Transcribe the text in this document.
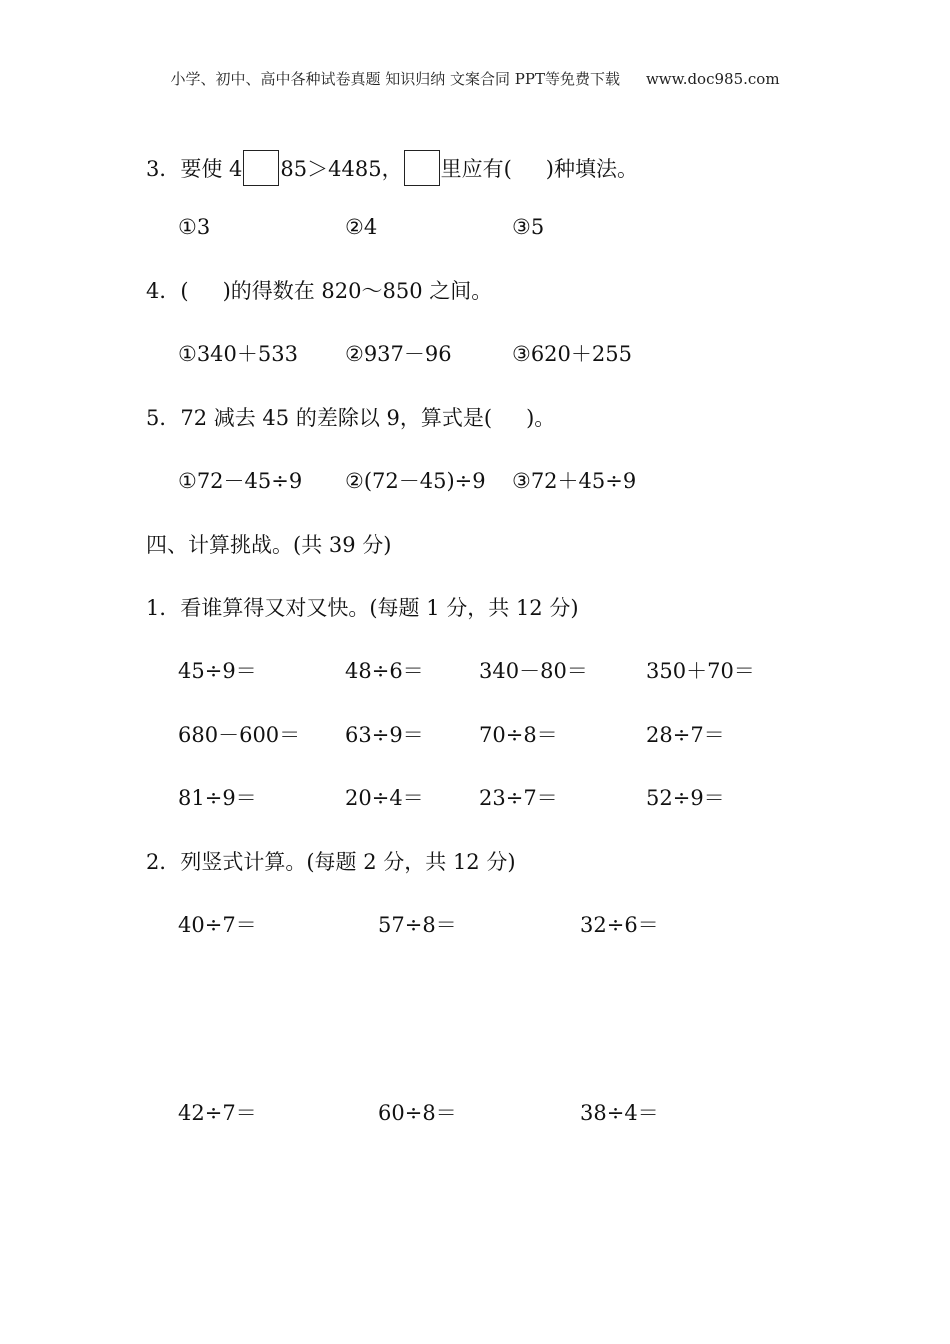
小学、初中、高中各种试卷真题 知识归纳 文案合同 PPT等免费下载 www.doc985.com
3．要使 4 85＞4485， 里应有( )种填法。
①3	②4	③5
4．( )的得数在 820～850 之间。
①340＋533 ②937－96	③620＋255
5．72 减去 45 的差除以 9，算式是( )。
①72－45÷9 ②(72－45)÷9 ③72＋45÷9
四、计算挑战。(共 39 分)
1．看谁算得又对又快。(每题 1 分，共 12 分)
45÷9＝	48÷6＝	340－80＝	350＋70＝
680－600＝ 63÷9＝	70÷8＝	28÷7＝
81÷9＝	20÷4＝	23÷7＝	52÷9＝
2．列竖式计算。(每题 2 分，共 12 分)
40÷7＝	57÷8＝	32÷6＝
42÷7＝	60÷8＝	38÷4＝
